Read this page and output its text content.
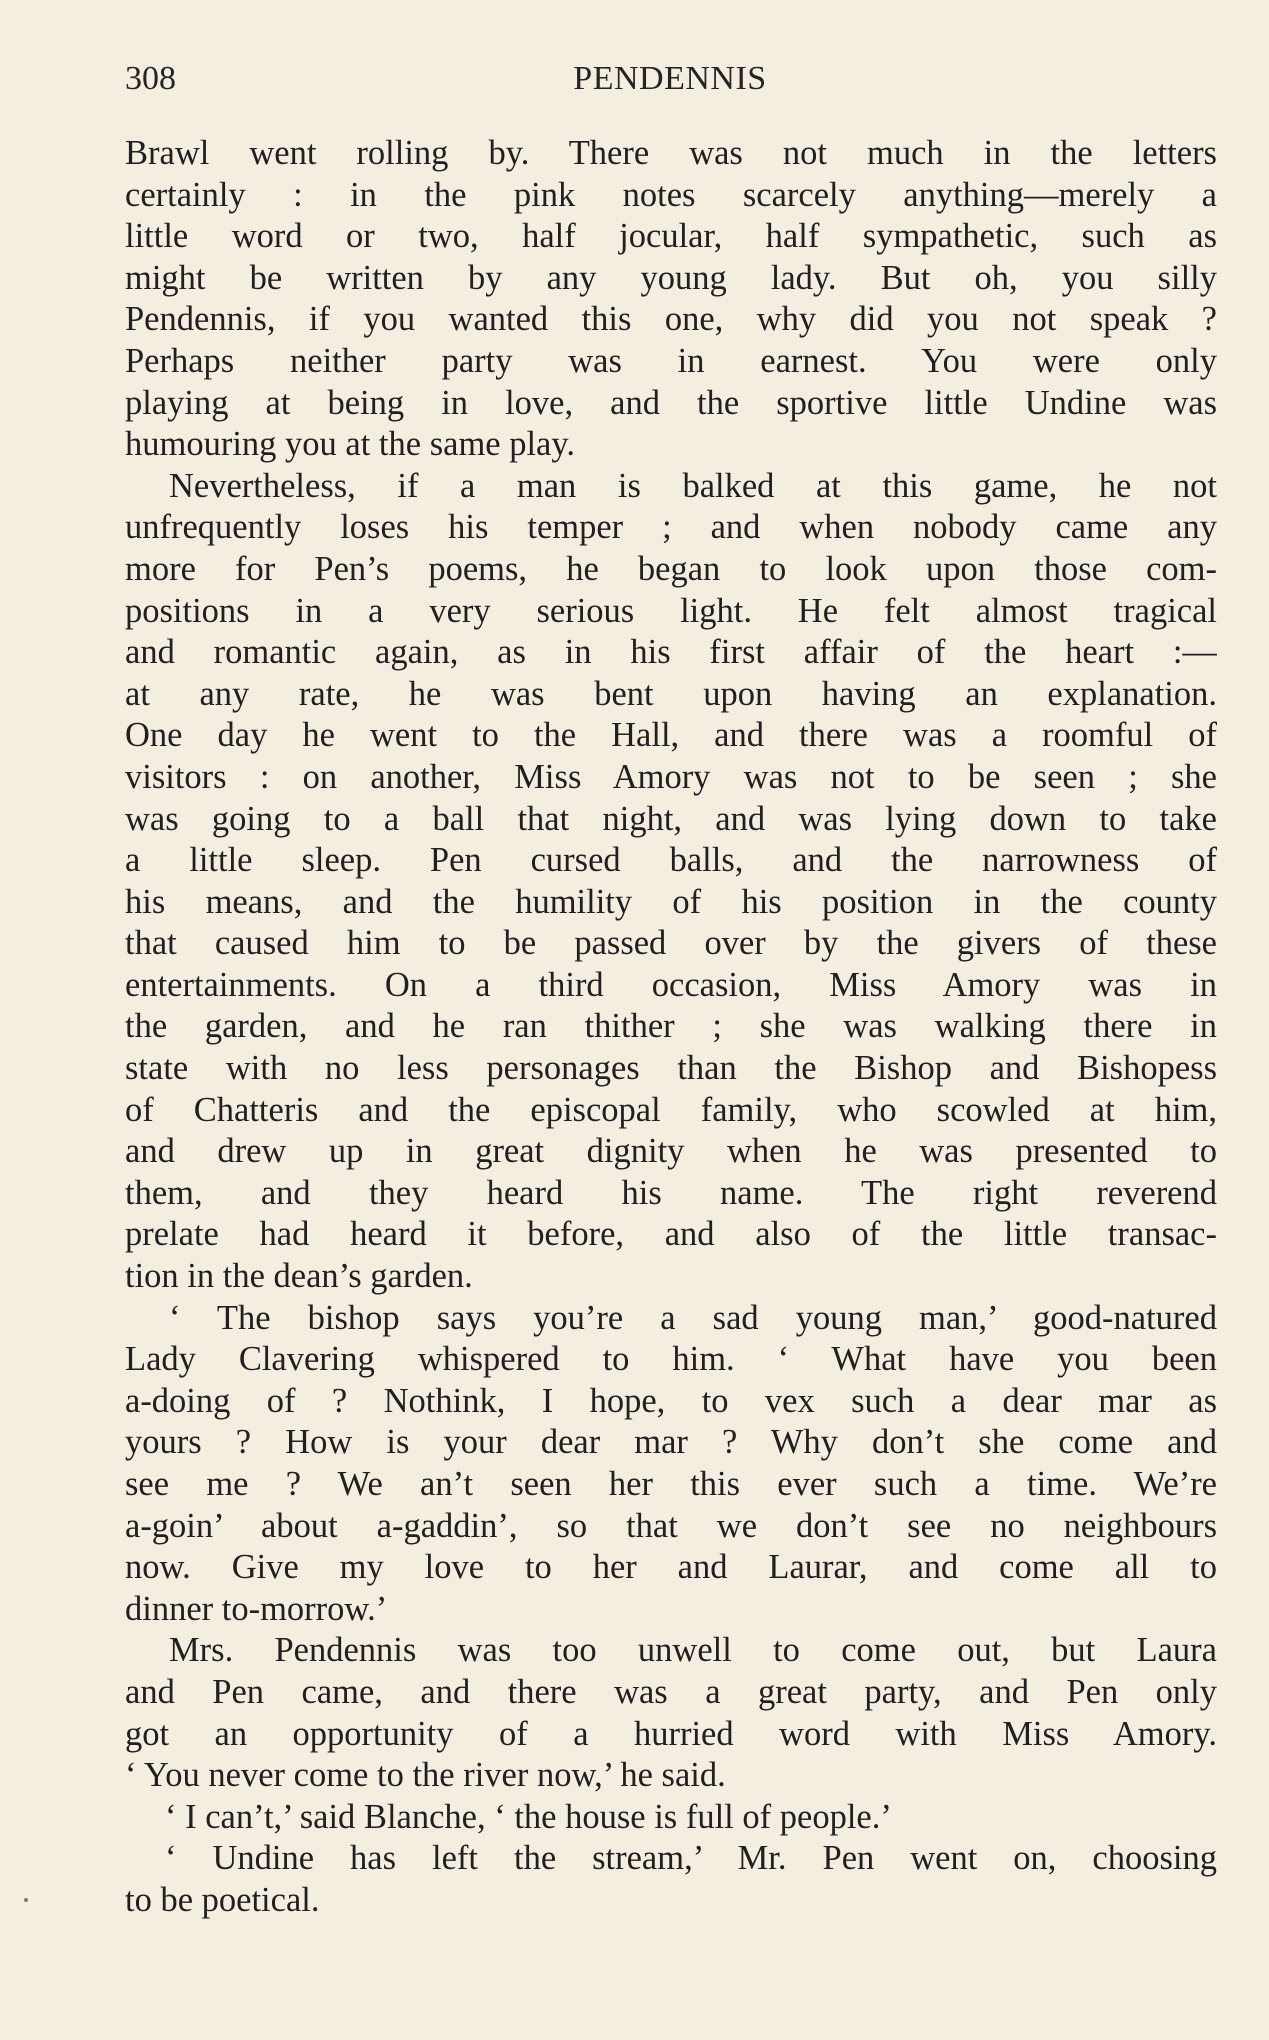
308	PENDENNIS
Brawl went rolling by. There was not much in the letters
certainly : in the pink notes scarcely anything—merely a
little word or two, half jocular, half sympathetic, such as
might be written by any young lady. But oh, you silly
Pendennis, if you wanted this one, why did you not speak ?
Perhaps neither party was in earnest. You were only
playing at being in love, and the sportive little Undine was
humouring you at the same play.
Nevertheless, if a man is balked at this game, he not
unfrequently loses his temper ; and when nobody came any
more for Pen’s poems, he began to look upon those com-
positions in a very serious light. He felt almost tragical
and romantic again, as in his first affair of the heart :—
at any rate, he was bent upon having an explanation.
One day he went to the Hall, and there was a roomful of
visitors : on another, Miss Amory was not to be seen ; she
was going to a ball that night, and was lying down to take
a little sleep. Pen cursed balls, and the narrowness of
his means, and the humility of his position in the county
that caused him to be passed over by the givers of these
entertainments. On a third occasion, Miss Amory was in
the garden, and he ran thither ; she was walking there in
state with no less personages than the Bishop and Bishopess
of Chatteris and the episcopal family, who scowled at him,
and drew up in great dignity when he was presented to
them, and they heard his name. The right reverend
prelate had heard it before, and also of the little transac-
tion in the dean’s garden.
‘ The bishop says you’re a sad young man,’ good-natured
Lady Clavering whispered to him. ‘ What have you been
a-doing of ? Nothink, I hope, to vex such a dear mar as
yours ? How is your dear mar ? Why don’t she come and
see me ? We an’t seen her this ever such a time. We’re
a-goin’ about a-gaddin’, so that we don’t see no neighbours
now. Give my love to her and Laurar, and come all to
dinner to-morrow.’
Mrs. Pendennis was too unwell to come out, but Laura
and Pen came, and there was a great party, and Pen only
got an opportunity of a hurried word with Miss Amory.
‘ You never come to the river now,’ he said.
‘ I can’t,’ said Blanche, ‘ the house is full of people.’
‘ Undine has left the stream,’ Mr. Pen went on, choosing
to be poetical.
